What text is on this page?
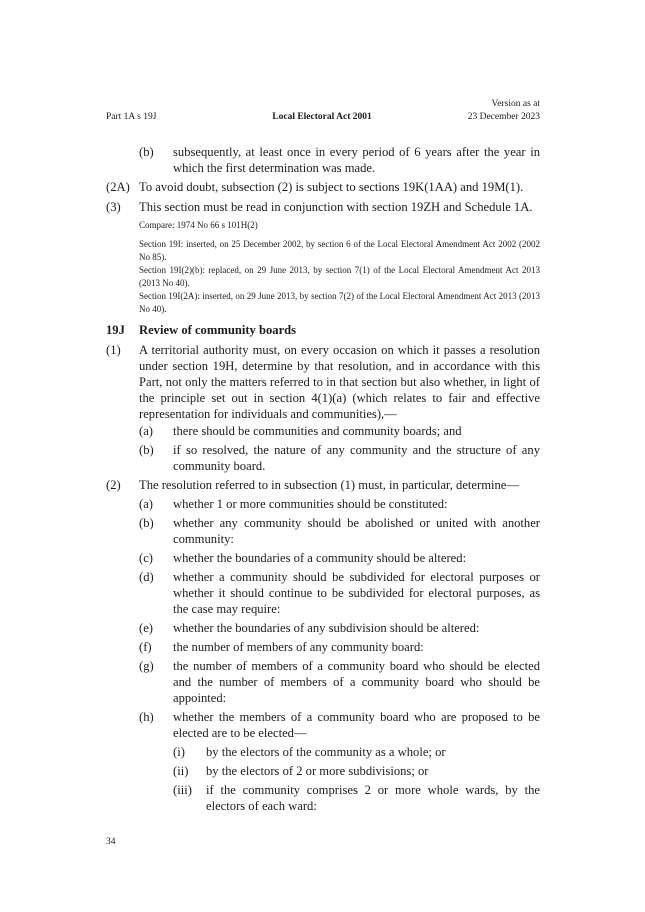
Version as at
Part 1A s 19J	Local Electoral Act 2001	23 December 2023
(b) subsequently, at least once in every period of 6 years after the year in which the first determination was made.
(2A) To avoid doubt, subsection (2) is subject to sections 19K(1AA) and 19M(1).
(3) This section must be read in conjunction with section 19ZH and Schedule 1A.
Compare: 1974 No 66 s 101H(2)
Section 19I: inserted, on 25 December 2002, by section 6 of the Local Electoral Amendment Act 2002 (2002 No 85).
Section 19I(2)(b): replaced, on 29 June 2013, by section 7(1) of the Local Electoral Amendment Act 2013 (2013 No 40).
Section 19I(2A): inserted, on 29 June 2013, by section 7(2) of the Local Electoral Amendment Act 2013 (2013 No 40).
19J Review of community boards
(1) A territorial authority must, on every occasion on which it passes a resolution under section 19H, determine by that resolution, and in accordance with this Part, not only the matters referred to in that section but also whether, in light of the principle set out in section 4(1)(a) (which relates to fair and effective representation for individuals and communities),—
(a) there should be communities and community boards; and
(b) if so resolved, the nature of any community and the structure of any community board.
(2) The resolution referred to in subsection (1) must, in particular, determine—
(a) whether 1 or more communities should be constituted:
(b) whether any community should be abolished or united with another community:
(c) whether the boundaries of a community should be altered:
(d) whether a community should be subdivided for electoral purposes or whether it should continue to be subdivided for electoral purposes, as the case may require:
(e) whether the boundaries of any subdivision should be altered:
(f) the number of members of any community board:
(g) the number of members of a community board who should be elected and the number of members of a community board who should be appointed:
(h) whether the members of a community board who are proposed to be elected are to be elected—
(i) by the electors of the community as a whole; or
(ii) by the electors of 2 or more subdivisions; or
(iii) if the community comprises 2 or more whole wards, by the electors of each ward:
34
